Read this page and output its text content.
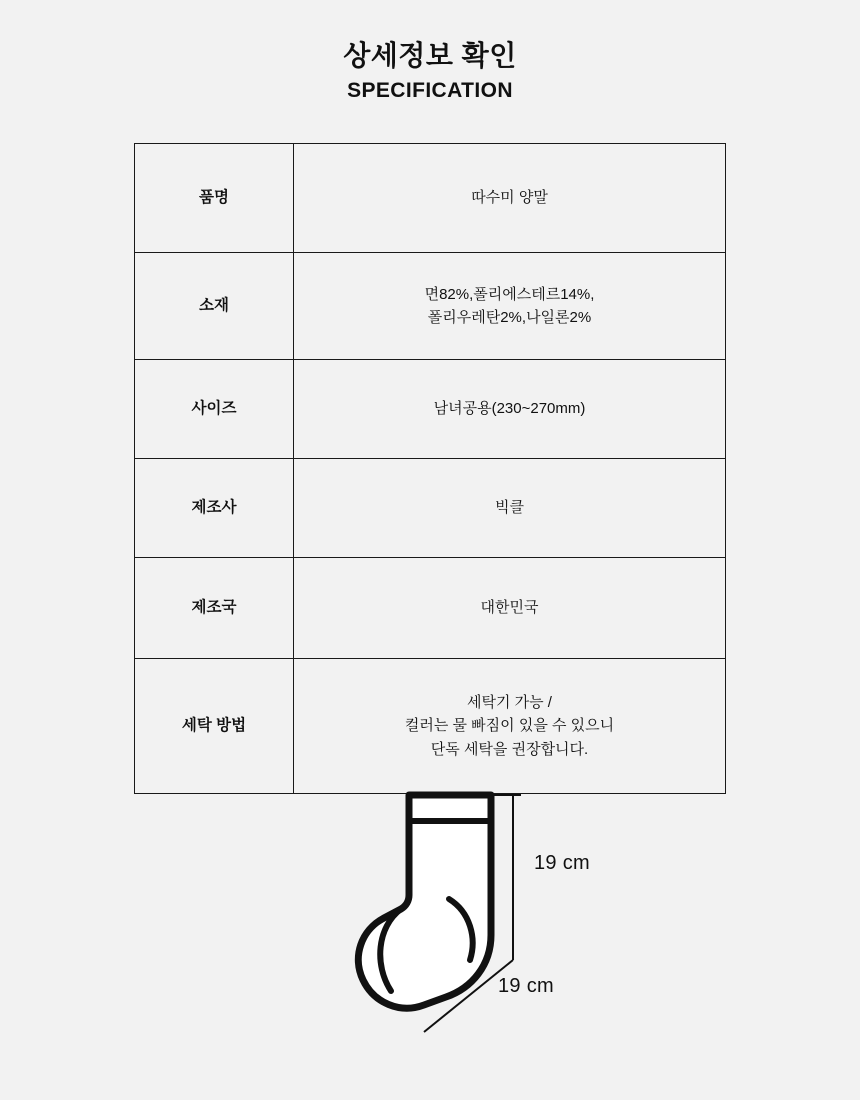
상세정보 확인
SPECIFICATION
품명	따수미 양말

소재	면82%,폴리에스테르14%,
폴리우레탄2%,나일론2%

사이즈	남녀공용(230~270mm)

제조사	빅클

제조국	대한민국

세탁 방법	세탁기 가능 /
컬러는 물 빠짐이 있을 수 있으니
단독 세탁을 권장합니다.
19 cm
19 cm
